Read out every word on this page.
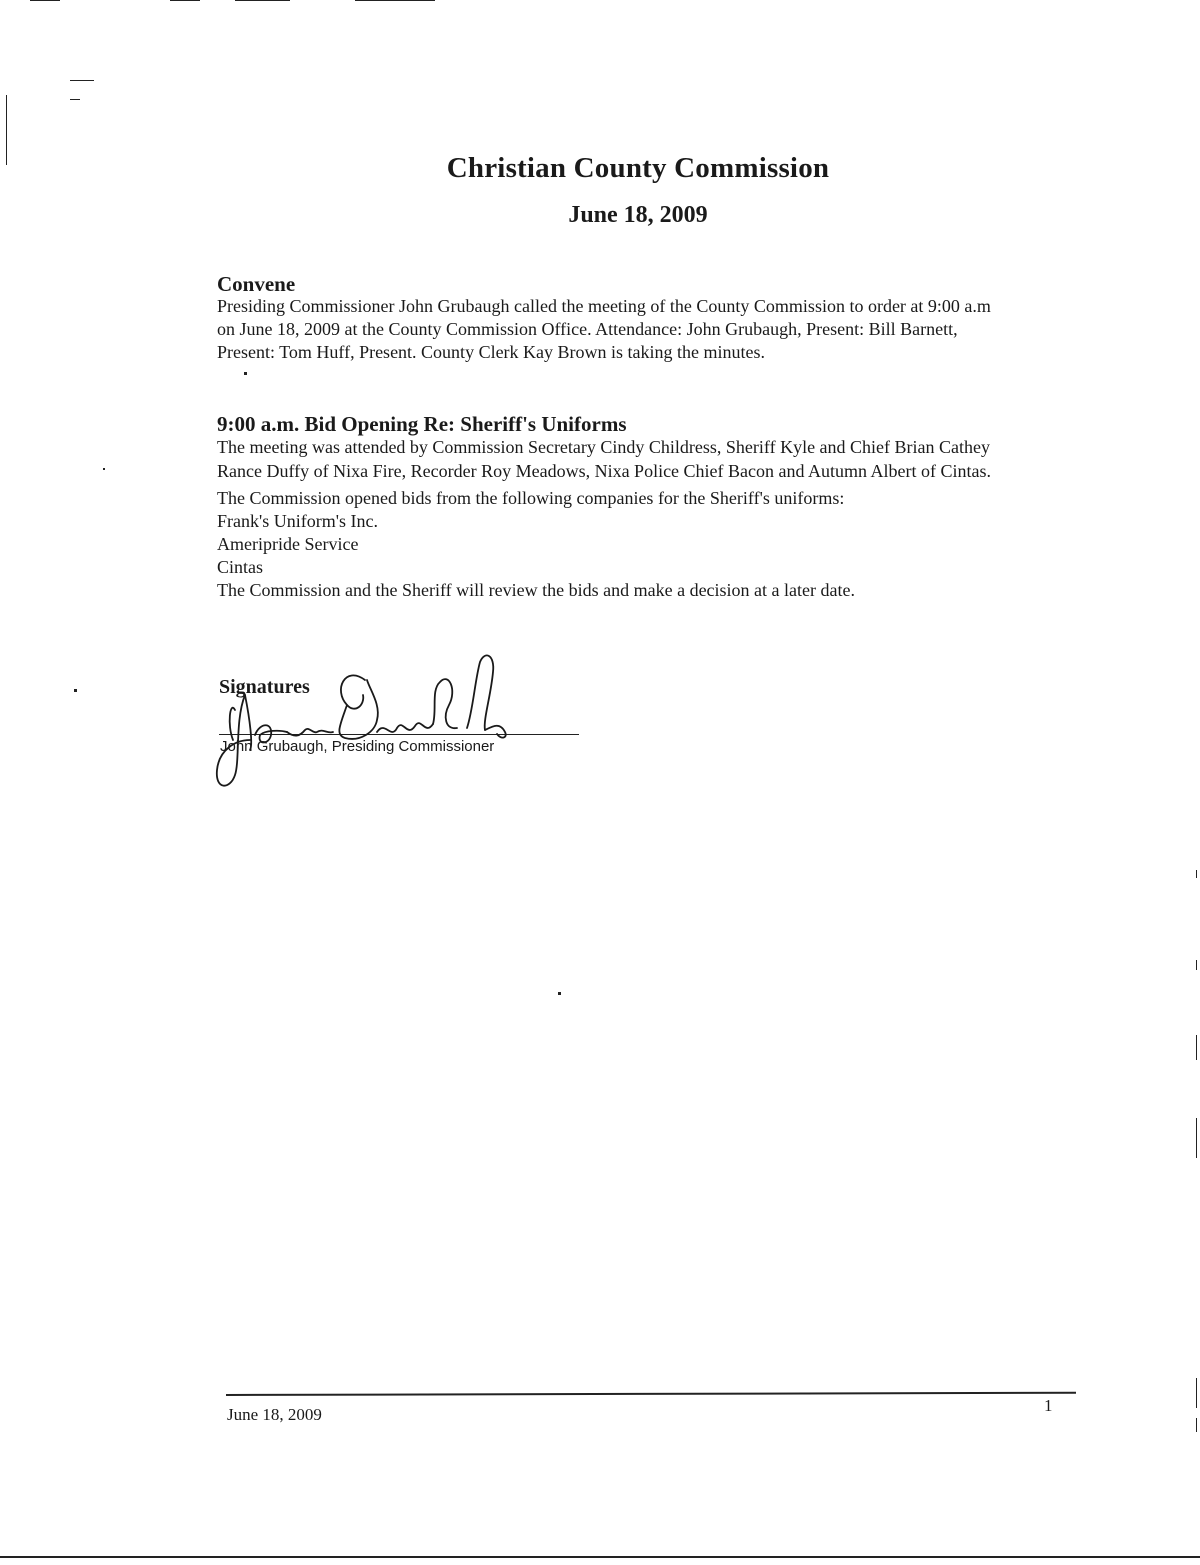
Christian County Commission
June 18, 2009
Convene
Presiding Commissioner John Grubaugh called the meeting of the County Commission to order at 9:00 a.m
on June 18, 2009 at the County Commission Office. Attendance: John Grubaugh, Present: Bill Barnett,
Present: Tom Huff, Present. County Clerk Kay Brown is taking the minutes.
9:00 a.m. Bid Opening Re: Sheriff's Uniforms
The meeting was attended by Commission Secretary Cindy Childress, Sheriff Kyle and Chief Brian Cathey
Rance Duffy of Nixa Fire, Recorder Roy Meadows, Nixa Police Chief Bacon and Autumn Albert of Cintas.
The Commission opened bids from the following companies for the Sheriff's uniforms:
Frank's Uniform's Inc.
Ameripride Service
Cintas
The Commission and the Sheriff will review the bids and make a decision at a later date.
Signatures
John Grubaugh, Presiding Commissioner
June 18, 2009	1
